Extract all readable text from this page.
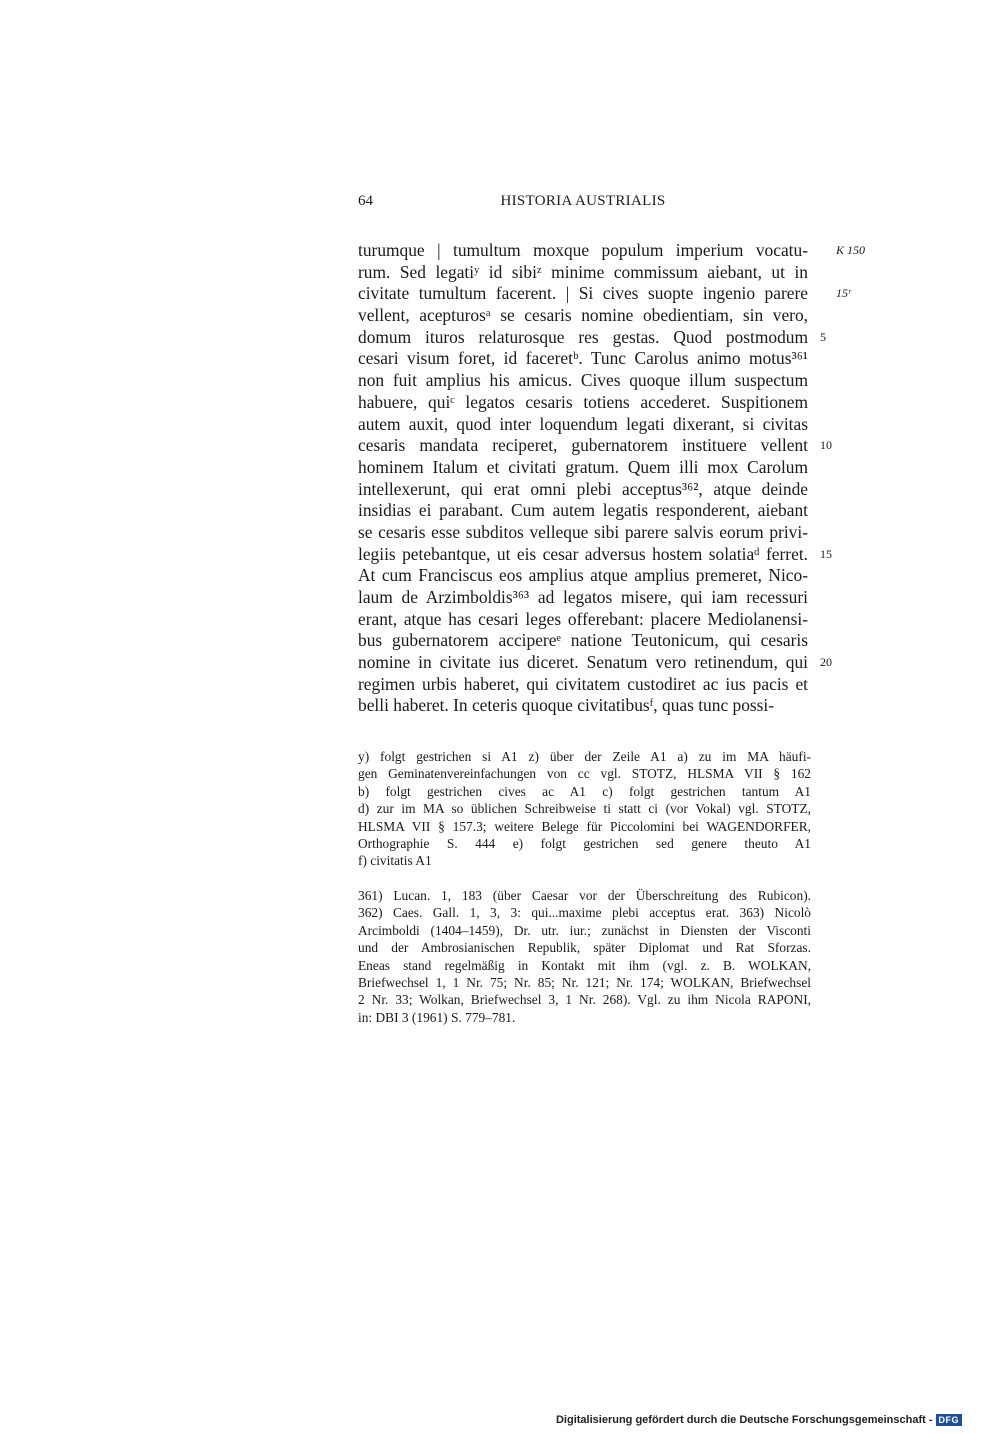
64	HISTORIA AUSTRIALIS
turumque | tumultum moxque populum imperium vocatu- K 150
rum. Sed legatiʸ id sibiᶻ minime commissum aiebant, ut in
civitate tumultum facerent. | Si cives suopte ingenio parere 15ʳ
vellent, acepturosᵃ se cesaris nomine obedientiam, sin vero,
domum ituros relaturosque res gestas. Quod postmodum 5
cesari visum foret, id faceretᵇ. Tunc Carolus animo motus³⁶¹
non fuit amplius his amicus. Cives quoque illum suspectum
habuere, quiᶜ legatos cesaris totiens accederet. Suspitionem
autem auxit, quod inter loquendum legati dixerant, si civitas
cesaris mandata reciperet, gubernatorem instituere vellent 10
hominem Italum et civitati gratum. Quem illi mox Carolum
intellexerunt, qui erat omni plebi acceptus³⁶², atque deinde
insidias ei parabant. Cum autem legatis responderent, aiebant
se cesaris esse subditos velleque sibi parere salvis eorum privi-
legiis petebantque, ut eis cesar adversus hostem solatiaᵈ ferret. 15
At cum Franciscus eos amplius atque amplius premeret, Nico-
laum de Arzimboldis³⁶³ ad legatos misere, qui iam recessuri
erant, atque has cesari leges offerebant: placere Mediolanensi-
bus gubernatorem accipereᵉ natione Teutonicum, qui cesaris
nomine in civitate ius diceret. Senatum vero retinendum, qui 20
regimen urbis haberet, qui civitatem custodiret ac ius pacis et
belli haberet. In ceteris quoque civitatibusᶠ, quas tunc possi-
y) folgt gestrichen si A1 z) über der Zeile A1 a) zu im MA häufi-
gen Geminatenvereinfachungen von cc vgl. STOTZ, HLSMA VII § 162
b) folgt gestrichen cives ac A1 c) folgt gestrichen tantum A1
d) zur im MA so üblichen Schreibweise ti statt ci (vor Vokal) vgl. STOTZ,
HLSMA VII § 157.3; weitere Belege für Piccolomini bei WAGENDORFER,
Orthographie S. 444 e) folgt gestrichen sed genere theuto A1
f) civitatis A1
361) Lucan. 1, 183 (über Caesar vor der Überschreitung des Rubicon).
362) Caes. Gall. 1, 3, 3: qui...maxime plebi acceptus erat. 363) Nicolò
Arcimboldi (1404–1459), Dr. utr. iur.; zunächst in Diensten der Visconti
und der Ambrosianischen Republik, später Diplomat und Rat Sforzas.
Eneas stand regelmäßig in Kontakt mit ihm (vgl. z. B. WOLKAN,
Briefwechsel 1, 1 Nr. 75; Nr. 85; Nr. 121; Nr. 174; WOLKAN, Briefwechsel
2 Nr. 33; Wolkan, Briefwechsel 3, 1 Nr. 268). Vgl. zu ihm Nicola RAPONI,
in: DBI 3 (1961) S. 779–781.
Digitalisierung gefördert durch die Deutsche Forschungsgemeinschaft - DFG
